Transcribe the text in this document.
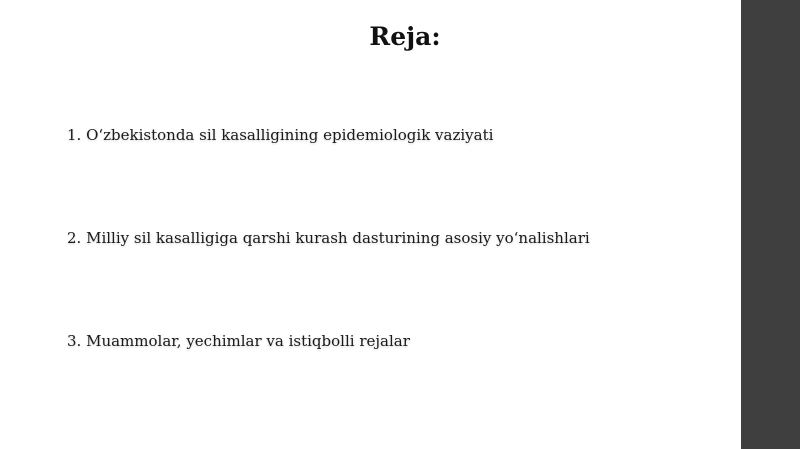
Reja:
1. O‘zbekistonda sil kasalligining epidemiologik vaziyati
2. Milliy sil kasalligiga qarshi kurash dasturining asosiy yo‘nalishlari
3. Muammolar, yechimlar va istiqbolli rejalar
